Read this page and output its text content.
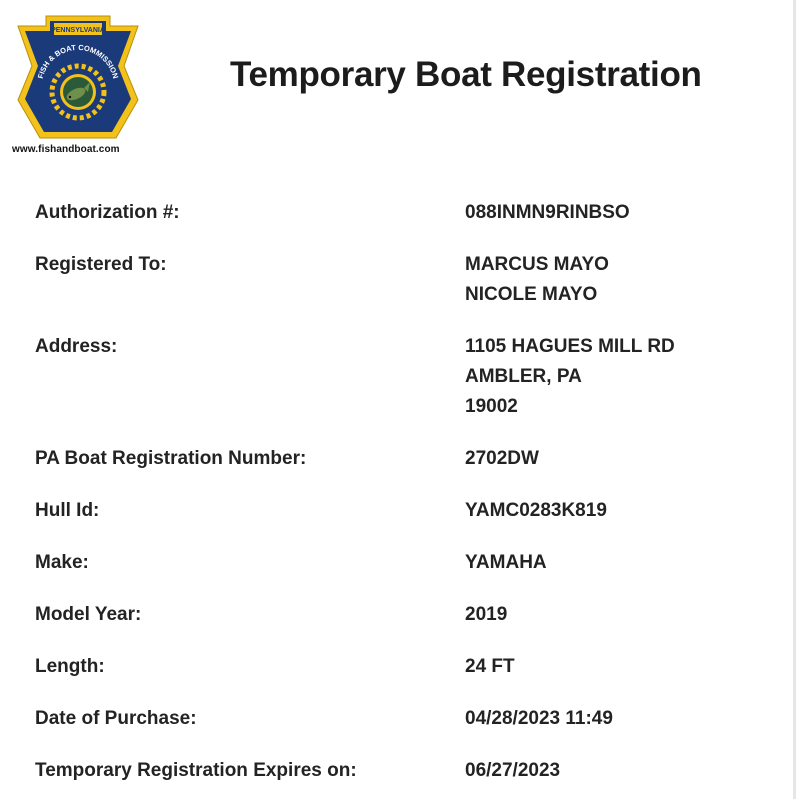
PENNSYLVANIA
FISH & BOAT COMMISSION
www.fishandboat.com
Temporary Boat Registration
Authorization #:	088INMN9RINBSO
Registered To:	MARCUS MAYO
NICOLE MAYO
Address:	1105 HAGUES MILL RD
AMBLER, PA
19002
PA Boat Registration Number:	2702DW
Hull Id:	YAMC0283K819
Make:	YAMAHA
Model Year:	2019
Length:	24 FT
Date of Purchase:	04/28/2023 11:49
Temporary Registration Expires on:	06/27/2023
